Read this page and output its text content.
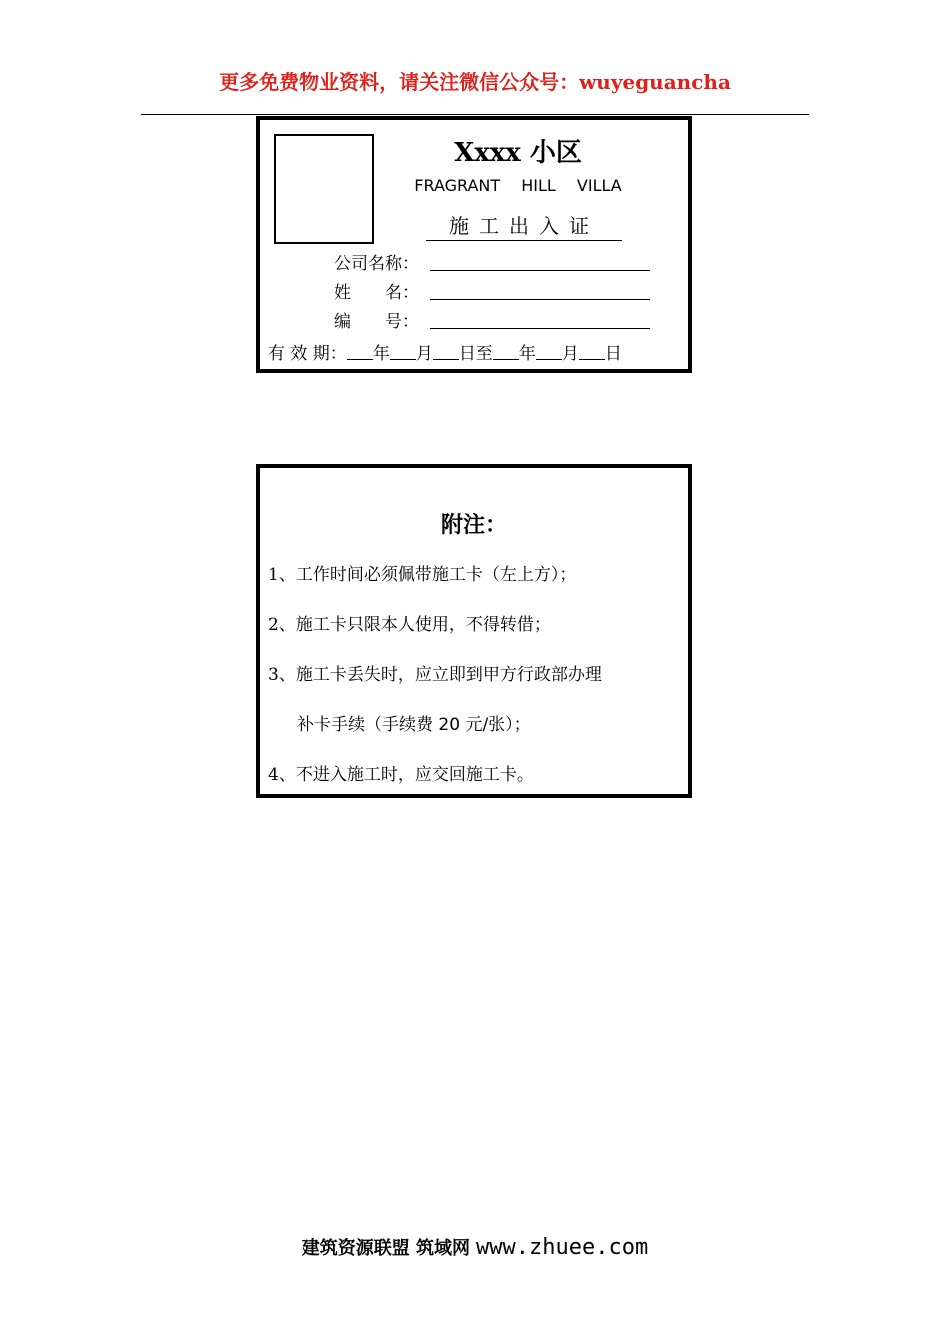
更多免费物业资料，请关注微信公众号：wuyeguancha
Xxxx 小区
FRAGRANT HILL VILLA
施工出入证
公司名称：
姓　　名：
编　　号：
有 效 期： 年 月 日至 年 月 日
附注：
1、工作时间必须佩带施工卡（左上方）；
2、施工卡只限本人使用，不得转借；
3、施工卡丢失时，应立即到甲方行政部办理
补卡手续（手续费 20 元/张）；
4、不进入施工时，应交回施工卡。
建筑资源联盟 筑域网 www.zhuee.com
